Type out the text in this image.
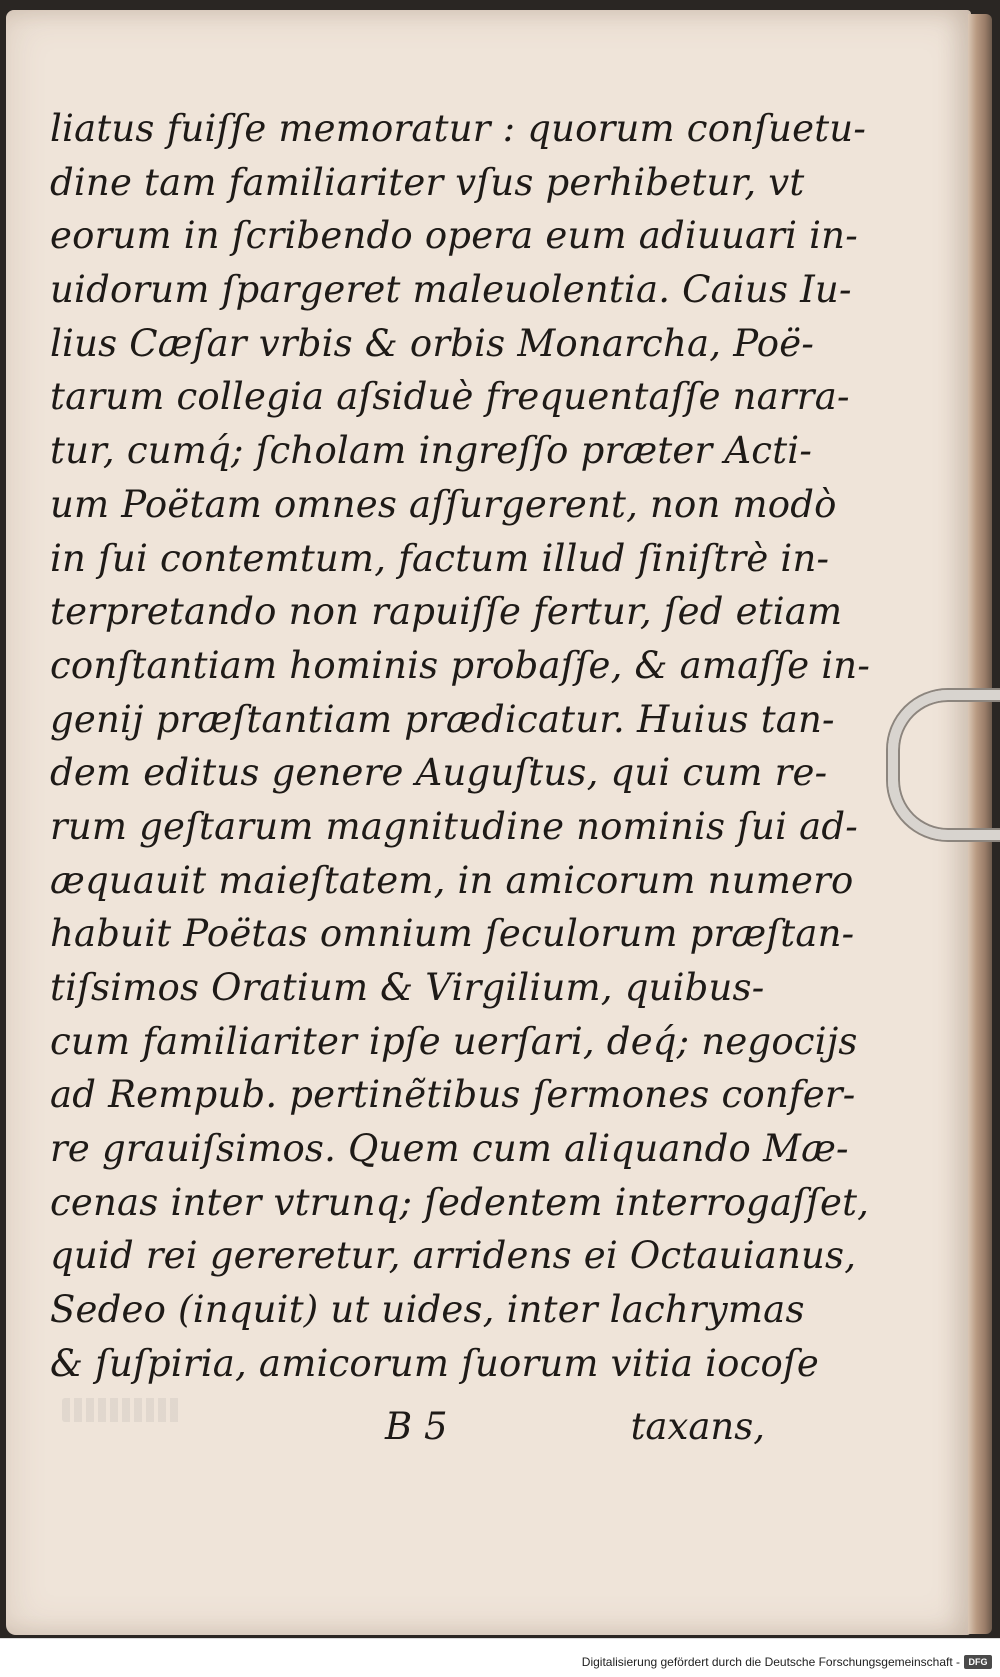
liatus fuiſſe memoratur : quorum conſuetu-
dine tam familiariter vſus perhibetur, vt
eorum in ſcribendo opera eum adiuuari in-
uidorum ſpargeret maleuolentia. Caius Iu-
lius Cæſar vrbis & orbis Monarcha, Poë-
tarum collegia aſsiduè frequentaſſe narra-
tur, cumq́; ſcholam ingreſſo præter Acti-
um Poëtam omnes aſſurgerent, non modò
in ſui contemtum, factum illud ſiniſtrè in-
terpretando non rapuiſſe fertur, ſed etiam
conſtantiam hominis probaſſe, & amaſſe in-
genij præſtantiam prædicatur. Huius tan-
dem editus genere Auguſtus, qui cum re-
rum geſtarum magnitudine nominis ſui ad-
æquauit maieſtatem, in amicorum numero
habuit Poëtas omnium ſeculorum præſtan-
tiſsimos Oratium & Virgilium, quibus-
cum familiariter ipſe uerſari, deq́; negocijs
ad Rempub. pertinẽtibus ſermones confer-
re grauiſsimos. Quem cum aliquando Mæ-
cenas inter vtrunq; ſedentem interrogaſſet,
quid rei gereretur, arridens ei Octauianus,
Sedeo (inquit) ut uides, inter lachrymas
& ſuſpiria, amicorum ſuorum vitia iocoſe
B 5	taxans,
Digitalisierung gefördert durch die Deutsche Forschungsgemeinschaft - DFG
